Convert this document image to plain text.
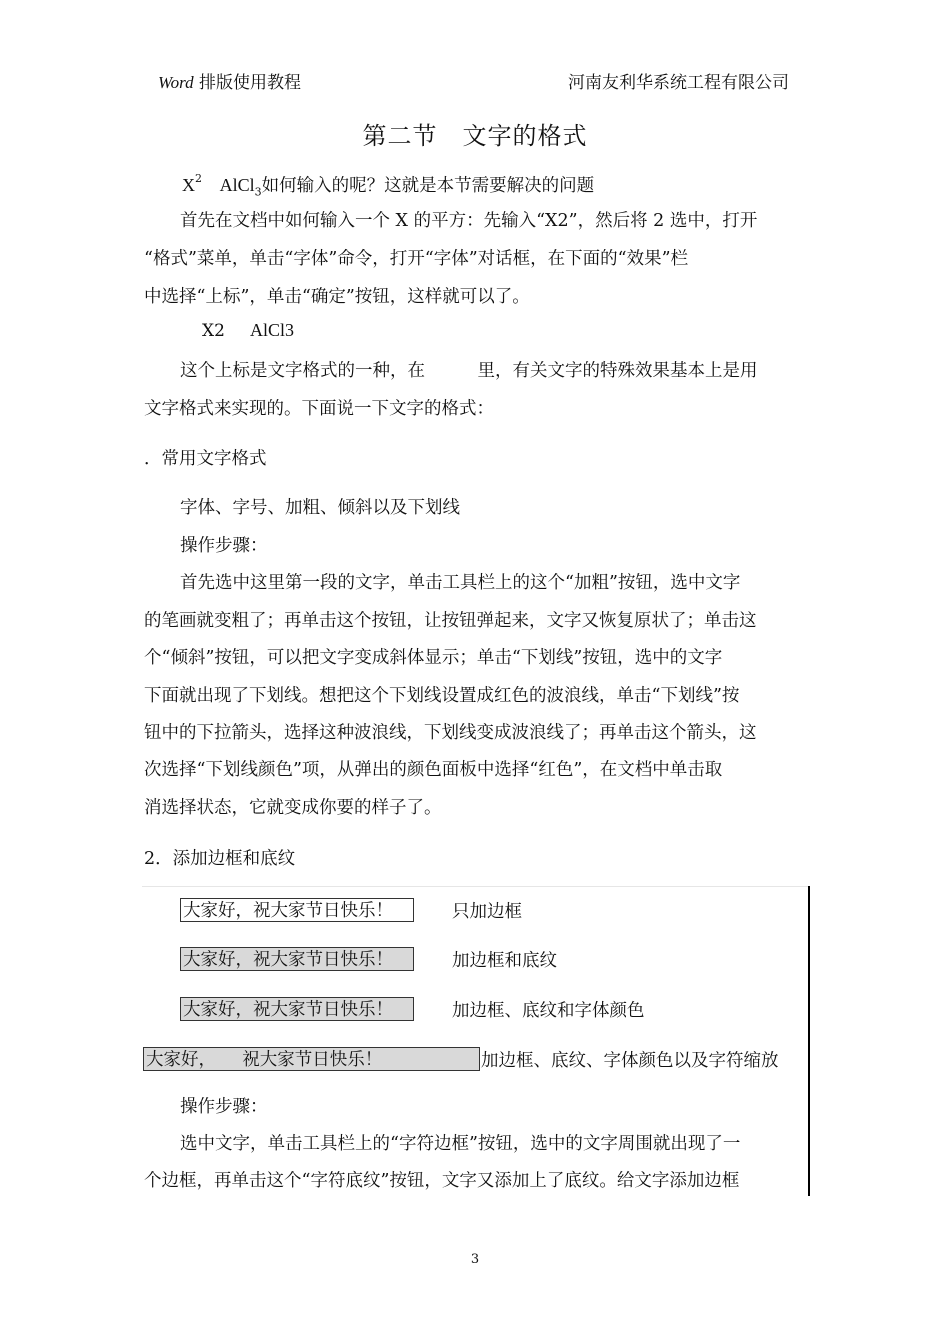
Word 排版使用教程	河南友利华系统工程有限公司
第二节　文字的格式
$X^2$ AlCl$_3$如何输入的呢？这就是本节需要解决的问题
首先在文档中如何输入一个 X 的平方：先输入“X2”，然后将 2 选中，打开
“格式”菜单，单击“字体”命令，打开“字体”对话框，在下面的“效果”栏
中选择“上标”，单击“确定”按钮，这样就可以了。
X2 AlCl3
这个上标是文字格式的一种，在　　　里，有关文字的特殊效果基本上是用
文字格式来实现的。下面说一下文字的格式：
．常用文字格式
字体、字号、加粗、倾斜以及下划线
操作步骤：
首先选中这里第一段的文字，单击工具栏上的这个“加粗”按钮，选中文字
的笔画就变粗了；再单击这个按钮，让按钮弹起来，文字又恢复原状了；单击这
个“倾斜”按钮，可以把文字变成斜体显示；单击“下划线”按钮，选中的文字
下面就出现了下划线。想把这个下划线设置成红色的波浪线，单击“下划线”按
钮中的下拉箭头，选择这种波浪线，下划线变成波浪线了；再单击这个箭头，这
次选择“下划线颜色”项，从弹出的颜色面板中选择“红色”，在文档中单击取
消选择状态，它就变成你要的样子了。
2．添加边框和底纹
大家好，祝大家节日快乐！	只加边框
大家好，祝大家节日快乐！	加边框和底纹
大家好，祝大家节日快乐！	加边框、底纹和字体颜色
大家好，　　祝大家节日快乐！	加边框、底纹、字体颜色以及字符缩放
操作步骤：
选中文字，单击工具栏上的“字符边框”按钮，选中的文字周围就出现了一
个边框，再单击这个“字符底纹”按钮，文字又添加上了底纹。给文字添加边框
3
